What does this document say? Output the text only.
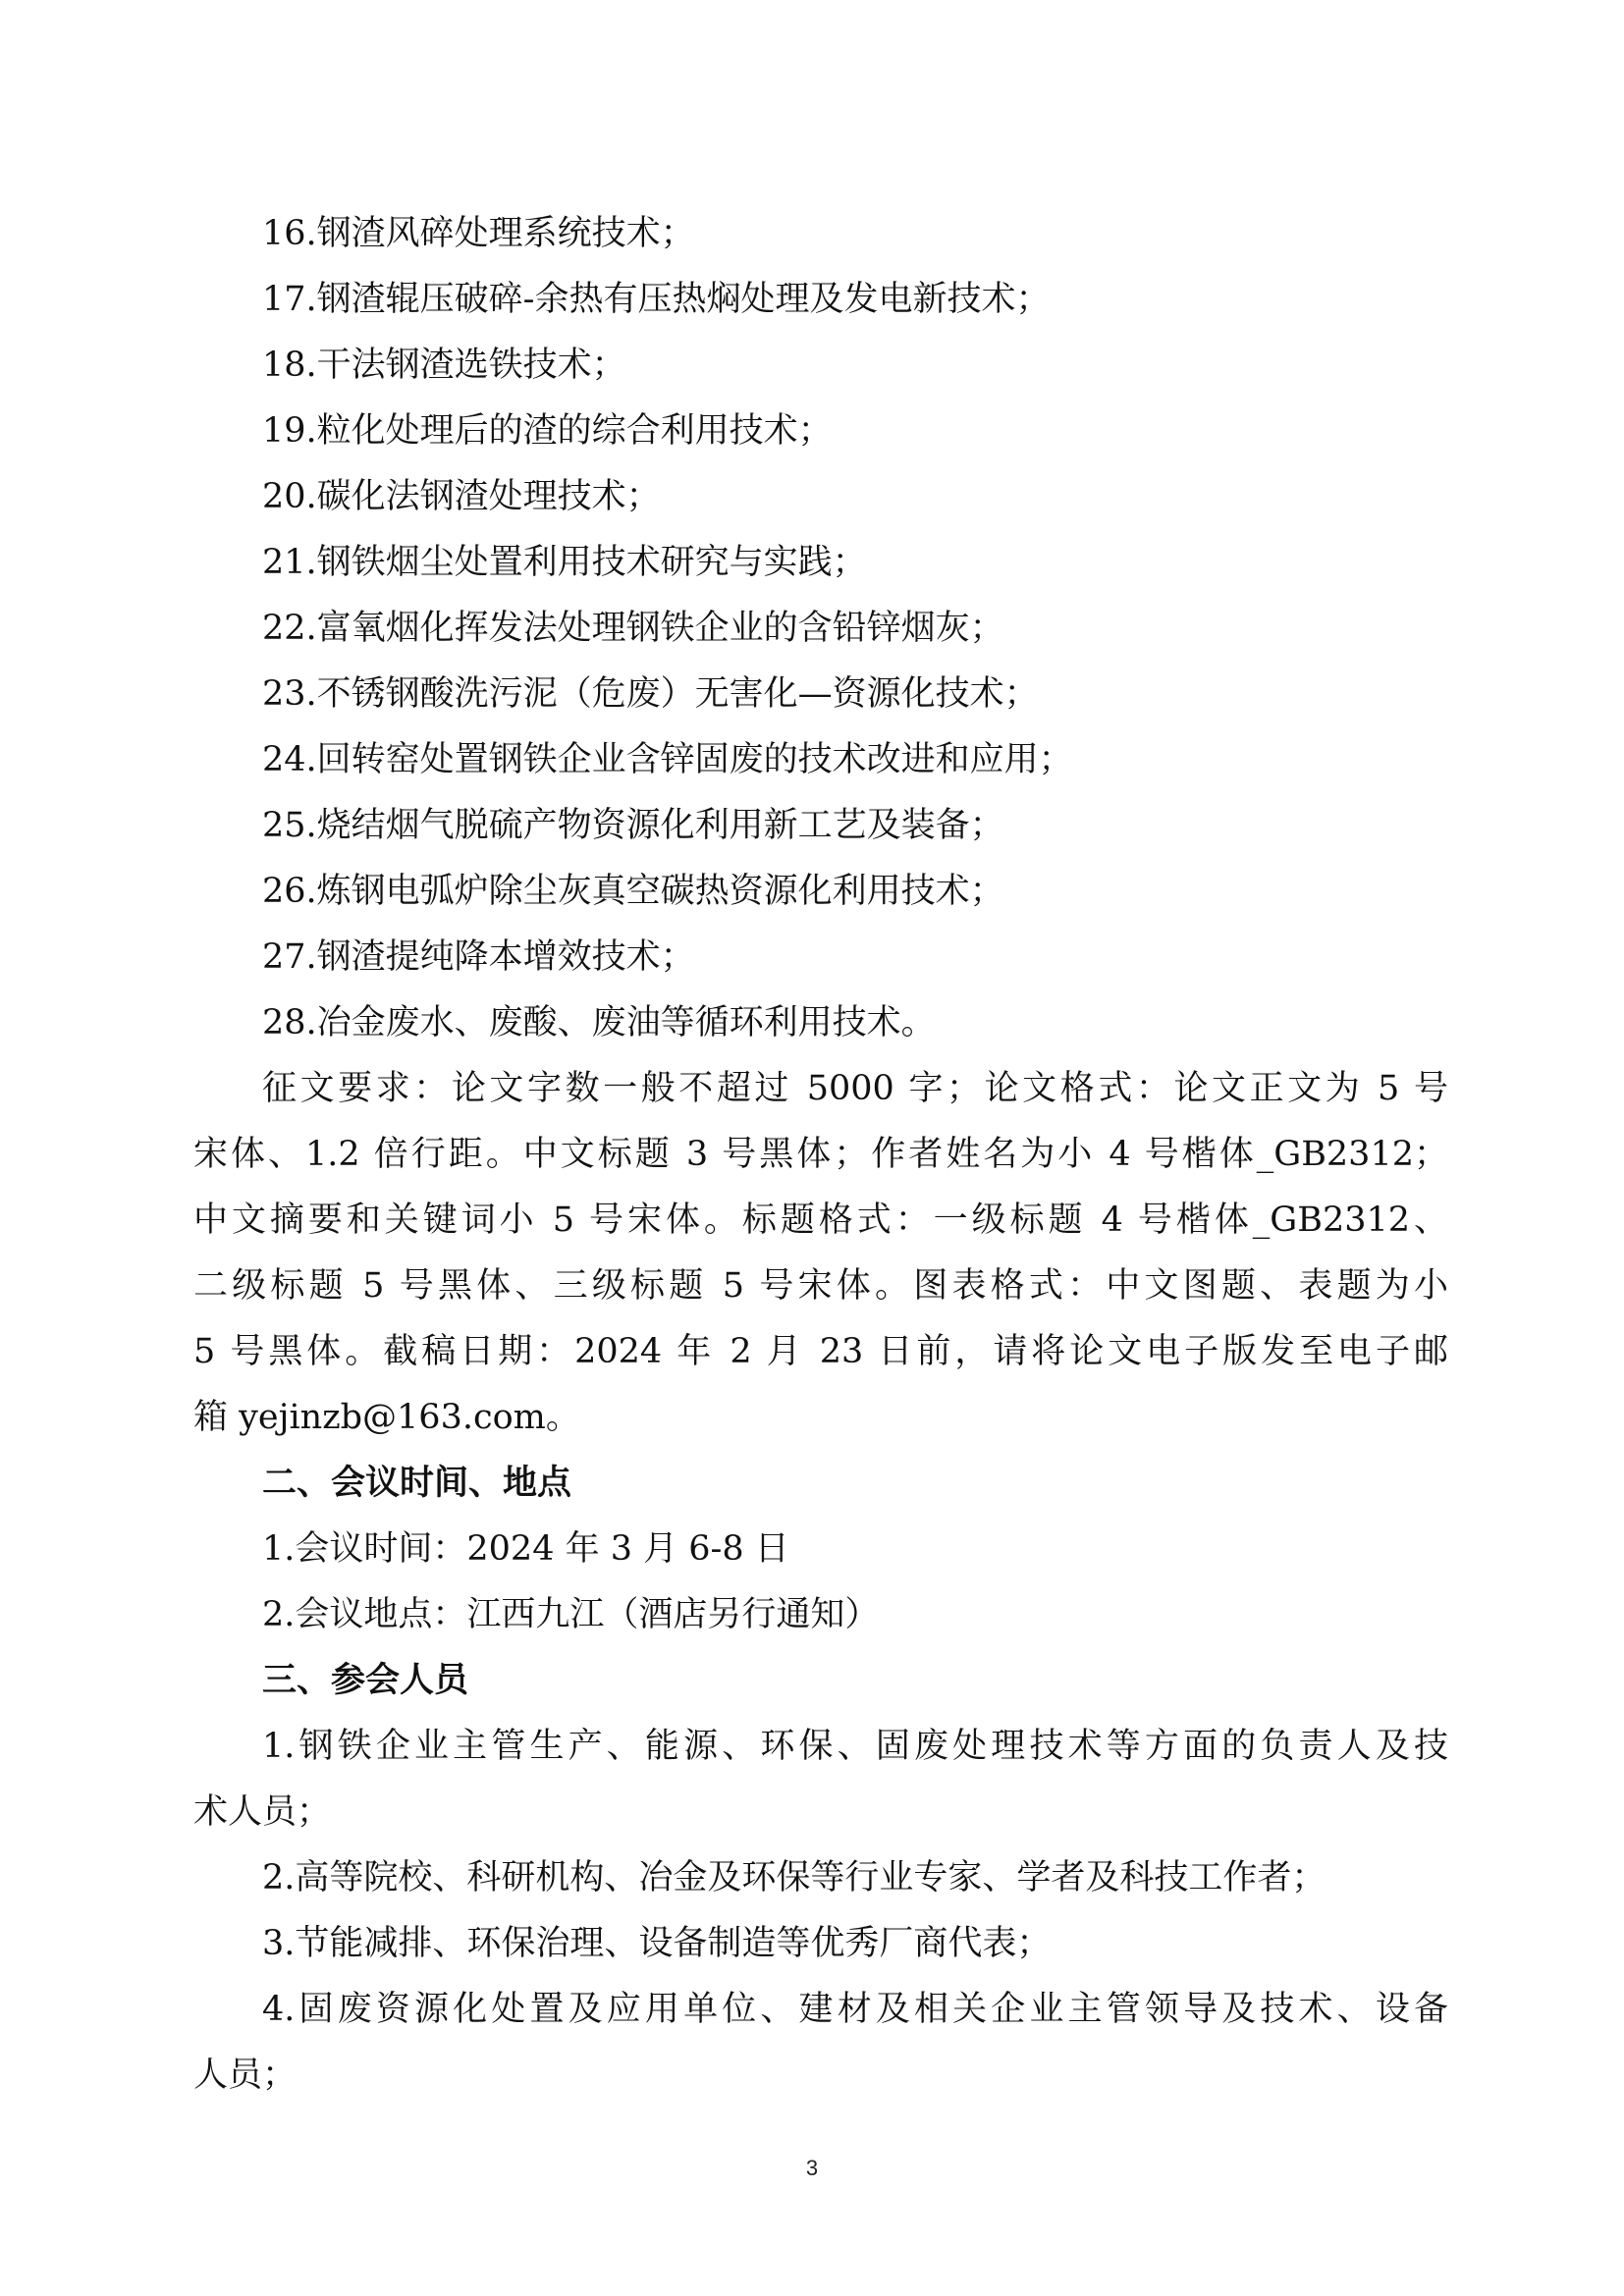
16.钢渣风碎处理系统技术；
17.钢渣辊压破碎-余热有压热焖处理及发电新技术；
18.干法钢渣选铁技术；
19.粒化处理后的渣的综合利用技术；
20.碳化法钢渣处理技术；
21.钢铁烟尘处置利用技术研究与实践；
22.富氧烟化挥发法处理钢铁企业的含铅锌烟灰；
23.不锈钢酸洗污泥（危废）无害化—资源化技术；
24.回转窑处置钢铁企业含锌固废的技术改进和应用；
25.烧结烟气脱硫产物资源化利用新工艺及装备；
26.炼钢电弧炉除尘灰真空碳热资源化利用技术；
27.钢渣提纯降本增效技术；
28.冶金废水、废酸、废油等循环利用技术。
征文要求：论文字数一般不超过 5000 字；论文格式：论文正文为 5 号
宋体、1.2 倍行距。中文标题 3 号黑体；作者姓名为小 4 号楷体_GB2312；
中文摘要和关键词小 5 号宋体。标题格式：一级标题 4 号楷体_GB2312、
二级标题 5 号黑体、三级标题 5 号宋体。图表格式：中文图题、表题为小
5 号黑体。截稿日期：2024 年 2 月 23 日前，请将论文电子版发至电子邮
箱 yejinzb@163.com。
二、会议时间、地点
1.会议时间：2024 年 3 月 6-8 日
2.会议地点：江西九江（酒店另行通知）
三、参会人员
1.钢铁企业主管生产、能源、环保、固废处理技术等方面的负责人及技
术人员；
2.高等院校、科研机构、冶金及环保等行业专家、学者及科技工作者；
3.节能减排、环保治理、设备制造等优秀厂商代表；
4.固废资源化处置及应用单位、建材及相关企业主管领导及技术、设备
人员；
3
